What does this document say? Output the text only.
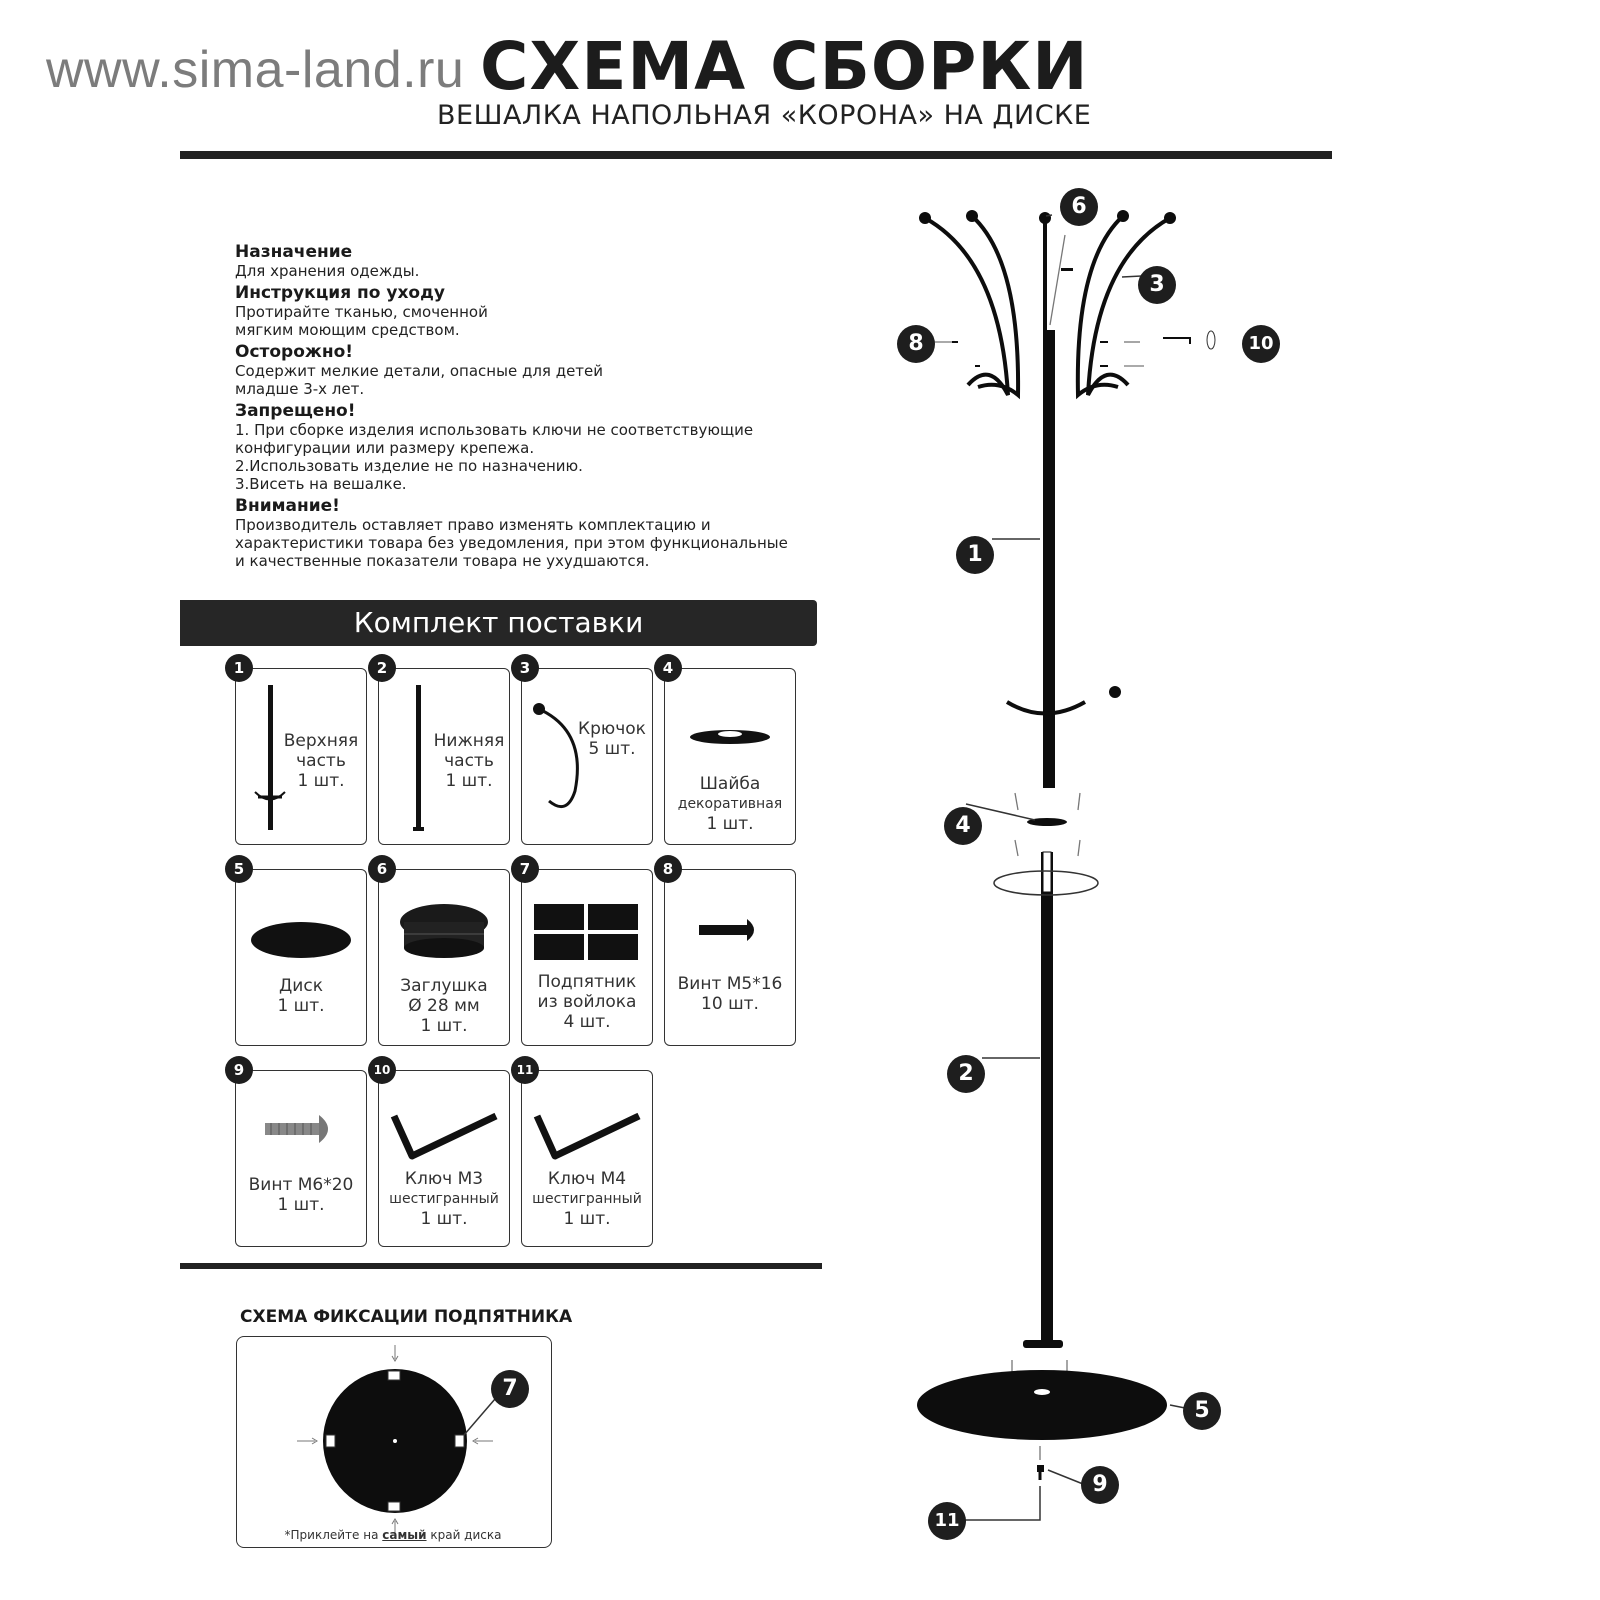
www.sima-land.ru СХЕМА СБОРКИ
ВЕШАЛКА НАПОЛЬНАЯ «КОРОНА» НА ДИСКЕ
Назначение
Для хранения одежды.
Инструкция по уходу
Протирайте тканью, смоченной
мягким моющим средством.
Осторожно!
Содержит мелкие детали, опасные для детей
младше 3-х лет.
Запрещено!
1. При сборке изделия использовать ключи не соответствующие
конфигурации или размеру крепежа.
2.Использовать изделие не по назначению.
3.Висеть на вешалке.
Внимание!
Производитель оставляет право изменять комплектацию и
характеристики товара без уведомления, при этом функциональные
и качественные показатели товара не ухудшаются.
Комплект поставки
Верхняя
часть
1 шт.
1
Нижняя
часть
1 шт.
2
Крючок
5 шт.
3
Шайба
декоративная
1 шт.
4
Диск
1 шт.
5
Заглушка
Ø 28 мм
1 шт.
6
Подпятник
из войлока
4 шт.
7
Винт М5*16
10 шт.
8
Винт М6*20
1 шт.
9
Ключ М3
шестигранный
1 шт.
10
Ключ М4
шестигранный
1 шт.
11
СХЕМА ФИКСАЦИИ ПОДПЯТНИКА
7
*Приклейте на самый край диска
1
2
3
4
5
6
8
9
10
11
